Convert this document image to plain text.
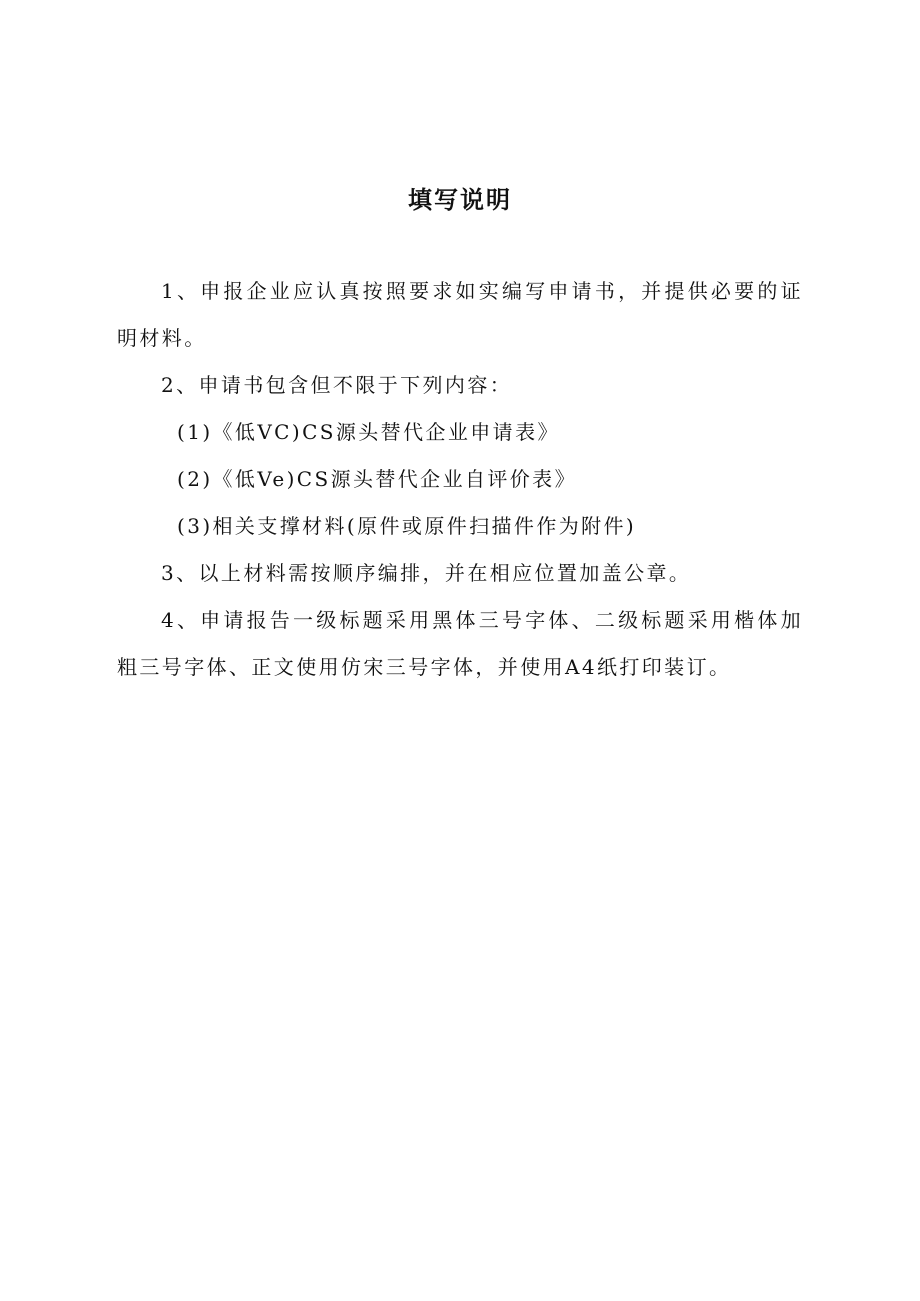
填写说明

1、申报企业应认真按照要求如实编写申请书，并提供必要的证明材料。

2、申请书包含但不限于下列内容：

(1)《低VC)CS源头替代企业申请表》

(2)《低Ve)CS源头替代企业自评价表》

(3)相关支撑材料(原件或原件扫描件作为附件)

3、以上材料需按顺序编排，并在相应位置加盖公章。

4、申请报告一级标题采用黑体三号字体、二级标题采用楷体加粗三号字体、正文使用仿宋三号字体，并使用A4纸打印装订。
